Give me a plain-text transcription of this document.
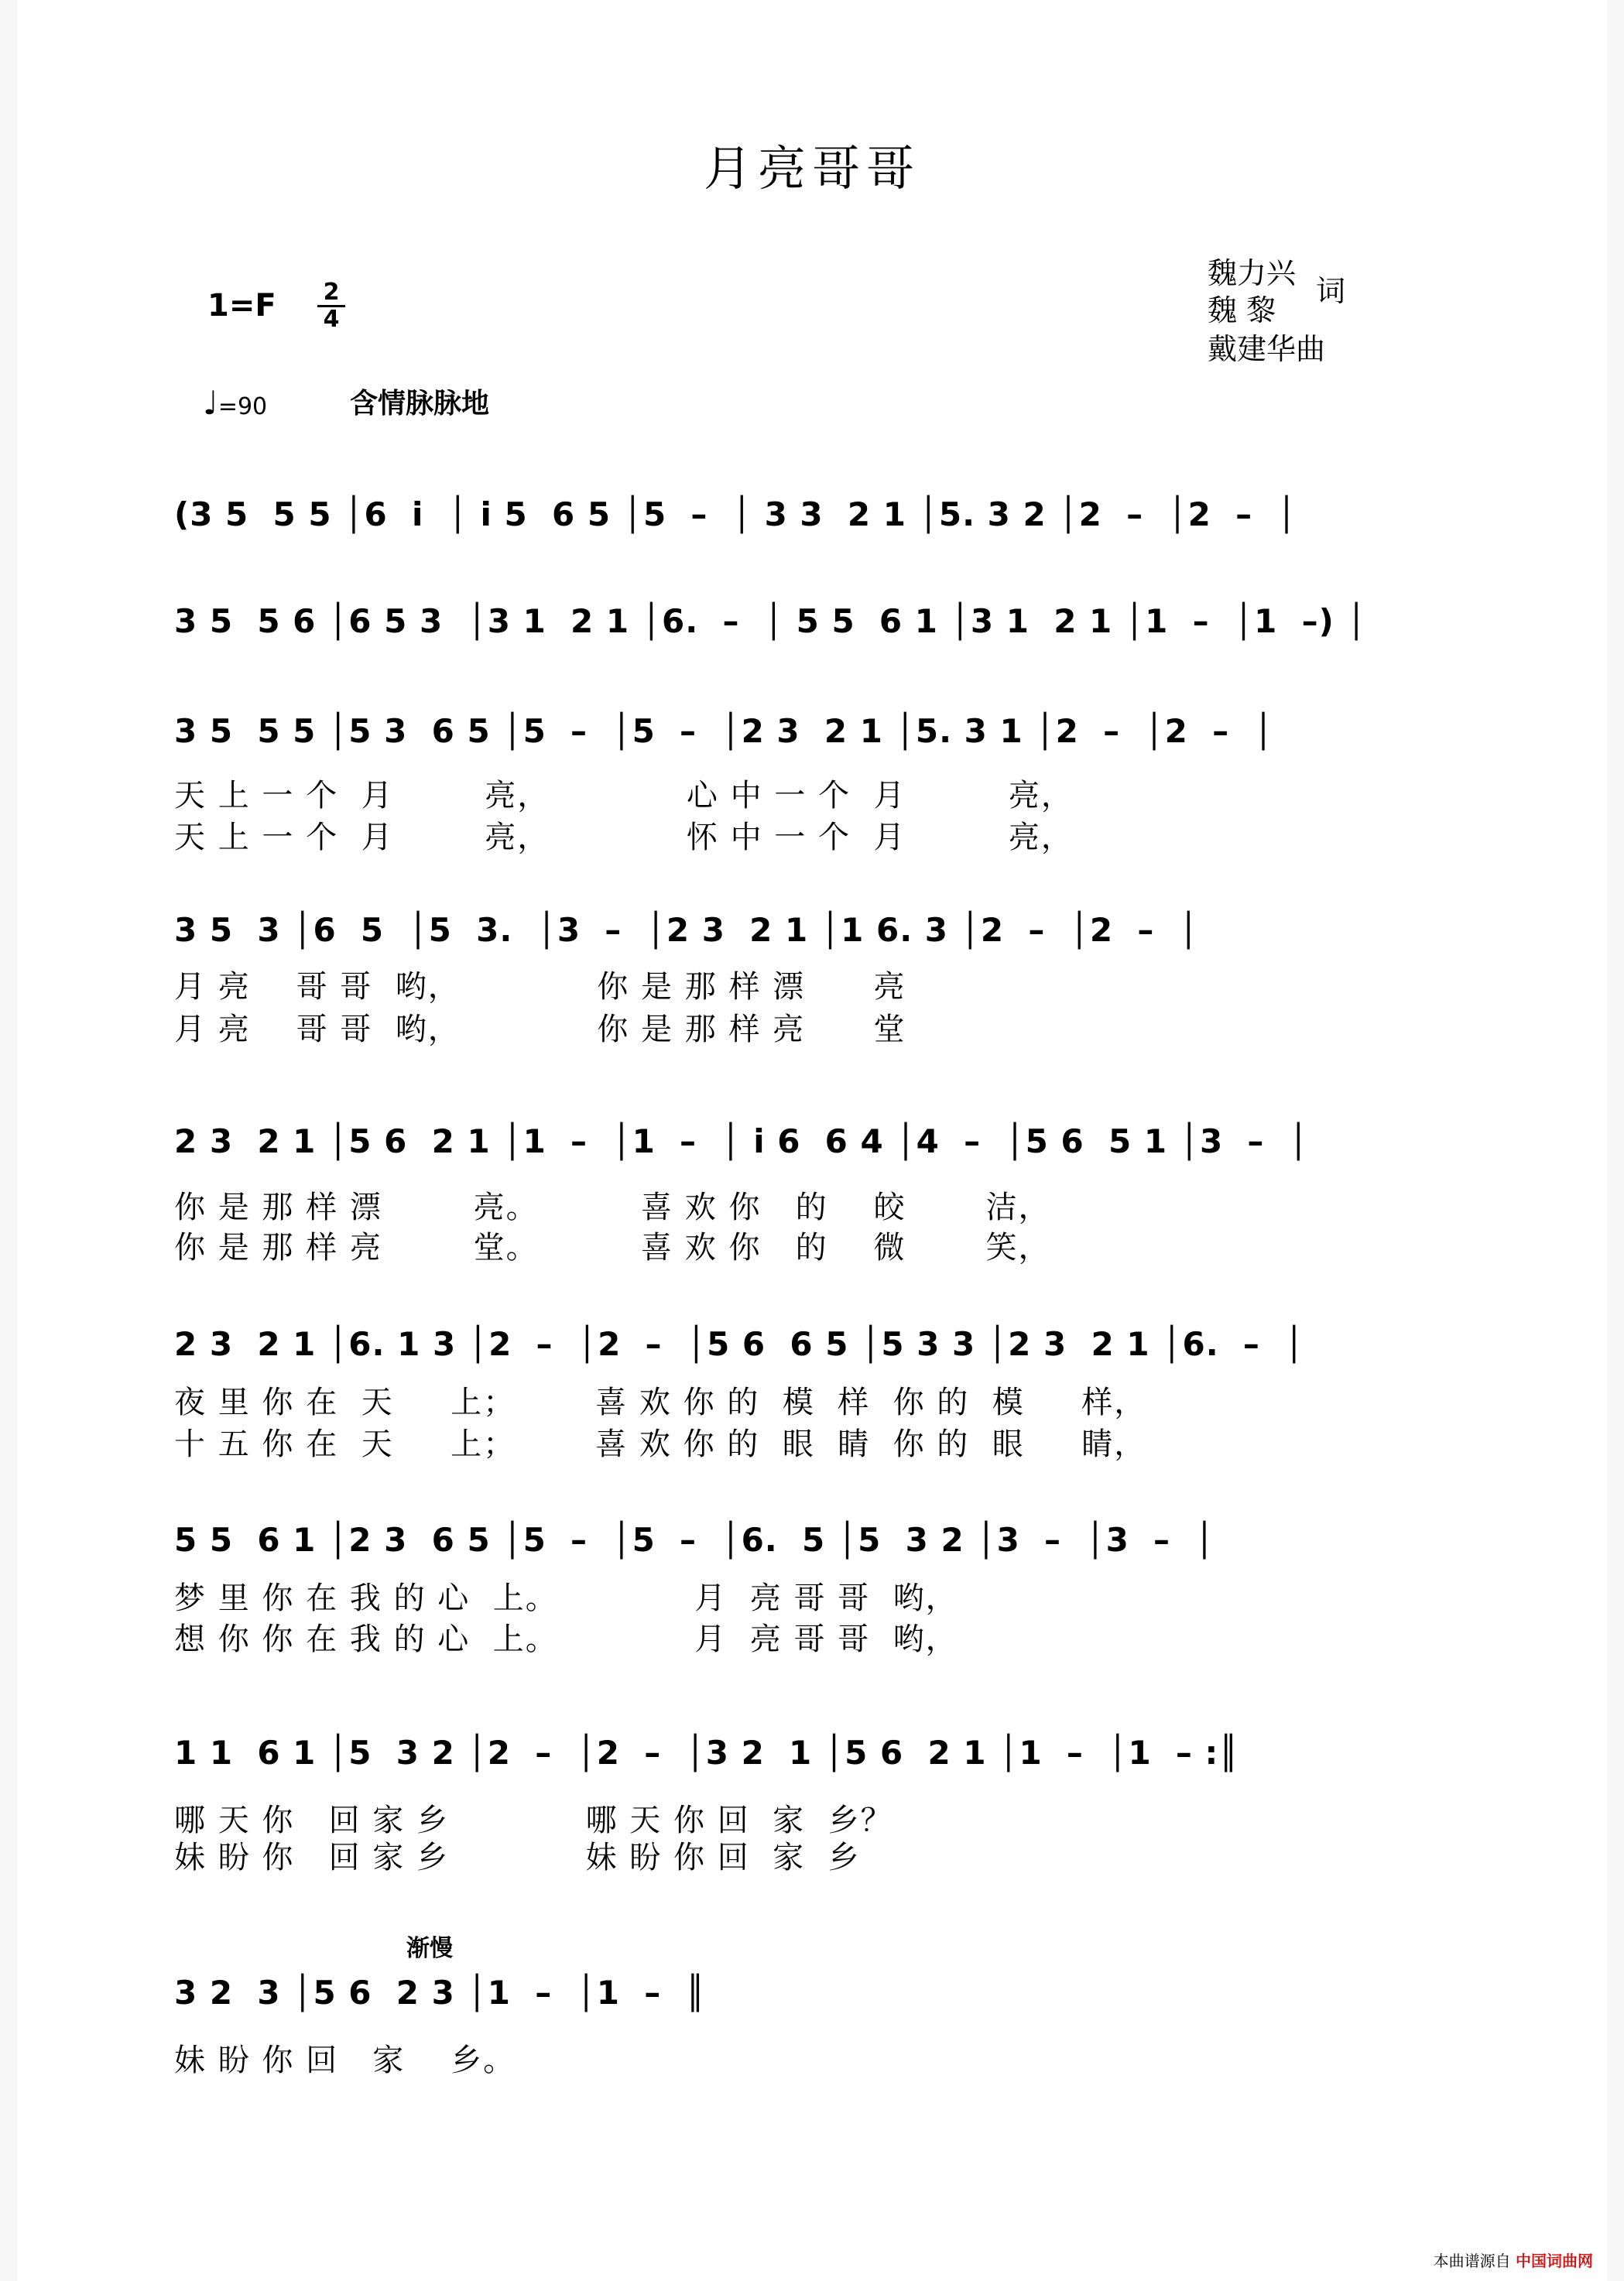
月亮哥哥
1=F 2
4
魏力兴
魏 黎
词
戴建华曲
♩=90	含情脉脉地
(3 5  5 5 │6  i  │ i 5  6 5 │5  –  │ 3 3  2 1 │5. 3 2 │2  –  │2  –  │
3 5  5 6 │6 5 3  │3 1  2 1 │6.  –  │ 5 5  6 1 │3 1  2 1 │1  –  │1  –) │
3 5  5 5 │5 3  6 5 │5  –  │5  –  │2 3  2 1 │5. 3 1 │2  –  │2  –  │
天 上 一 个  月        亮，            心 中 一 个  月         亮，
天 上 一 个  月        亮，            怀 中 一 个  月         亮，
3 5  3 │6  5  │5  3.  │3  –  │2 3  2 1 │1 6. 3 │2  –  │2  –  │
月 亮    哥 哥  哟，            你 是 那 样 漂      亮
月 亮    哥 哥  哟，            你 是 那 样 亮      堂
2 3  2 1 │5 6  2 1 │1  –  │1  –  │ i 6  6 4 │4  –  │5 6  5 1 │3  –  │
你 是 那 样 漂        亮。         喜 欢 你   的    皎       洁，
你 是 那 样 亮        堂。         喜 欢 你   的    微       笑，
2 3  2 1 │6. 1 3 │2  –  │2  –  │5 6  6 5 │5 3 3 │2 3  2 1 │6.  –  │
夜 里 你 在  天     上；       喜 欢 你 的  模  样  你 的  模     样，
十 五 你 在  天     上；       喜 欢 你 的  眼  睛  你 的  眼     睛，
5 5  6 1 │2 3  6 5 │5  –  │5  –  │6.  5 │5  3 2 │3  –  │3  –  │
梦 里 你 在 我 的 心  上。            月  亮 哥 哥  哟，
想 你 你 在 我 的 心  上。            月  亮 哥 哥  哟，
1 1  6 1 │5  3 2 │2  –  │2  –  │3 2  1 │5 6  2 1 │1  –  │1  – :║
哪 天 你   回 家 乡            哪 天 你 回  家  乡？
妹 盼 你   回 家 乡            妹 盼 你 回  家  乡
渐慢
3 2  3 │5 6  2 3 │1  –  │1  –  ║
妹 盼 你 回   家    乡。
本曲谱源自 中国词曲网
